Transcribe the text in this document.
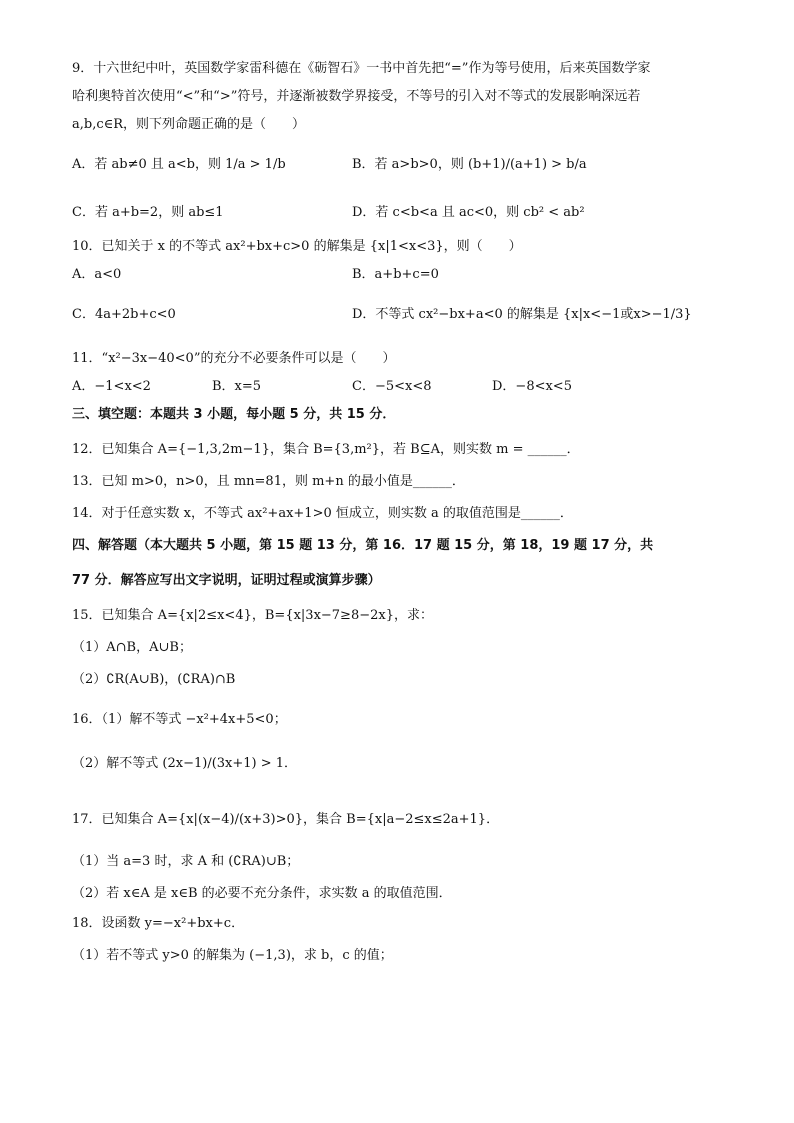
9．十六世纪中叶，英国数学家雷科德在《砺智石》一书中首先把“=”作为等号使用，后来英国数学家

哈利奥特首次使用“<”和“>”符号，并逐渐被数学界接受，不等号的引入对不等式的发展影响深远若

a,b,c∈R，则下列命题正确的是（　　）

A．若 ab≠0 且 a<b，则 1/a > 1/b	B．若 a>b>0，则 (b+1)/(a+1) > b/a
C．若 a+b=2，则 ab≤1	D．若 c<b<a 且 ac<0，则 cb² < ab²

10．已知关于 x 的不等式 ax²+bx+c>0 的解集是 {x|1<x<3}，则（　　）

A．a<0	B．a+b+c=0
C．4a+2b+c<0	D．不等式 cx²−bx+a<0 的解集是 {x|x<−1或x>−1/3}

11．“x²−3x−40<0”的充分不必要条件可以是（　　）

A．−1<x<2	B．x=5	C．−5<x<8	D．−8<x<5

三、填空题：本题共 3 小题，每小题 5 分，共 15 分．

12．已知集合 A={−1,3,2m−1}，集合 B={3,m²}，若 B⊆A，则实数 m = ______．

13．已知 m>0，n>0，且 mn=81，则 m+n 的最小值是______．

14．对于任意实数 x，不等式 ax²+ax+1>0 恒成立，则实数 a 的取值范围是______．

四、解答题（本大题共 5 小题，第 15 题 13 分，第 16．17 题 15 分，第 18，19 题 17 分，共

77 分．解答应写出文字说明，证明过程或演算步骤）

15．已知集合 A={x|2≤x<4}，B={x|3x−7≥8−2x}，求：

（1）A∩B，A∪B；

（2）∁R(A∪B)，(∁RA)∩B

16．（1）解不等式 −x²+4x+5<0；

（2）解不等式 (2x−1)/(3x+1) > 1．

17．已知集合 A={x|(x−4)/(x+3)>0}，集合 B={x|a−2≤x≤2a+1}．

（1）当 a=3 时，求 A 和 (∁RA)∪B；

（2）若 x∈A 是 x∈B 的必要不充分条件，求实数 a 的取值范围．

18．设函数 y=−x²+bx+c．

（1）若不等式 y>0 的解集为 (−1,3)，求 b，c 的值；
